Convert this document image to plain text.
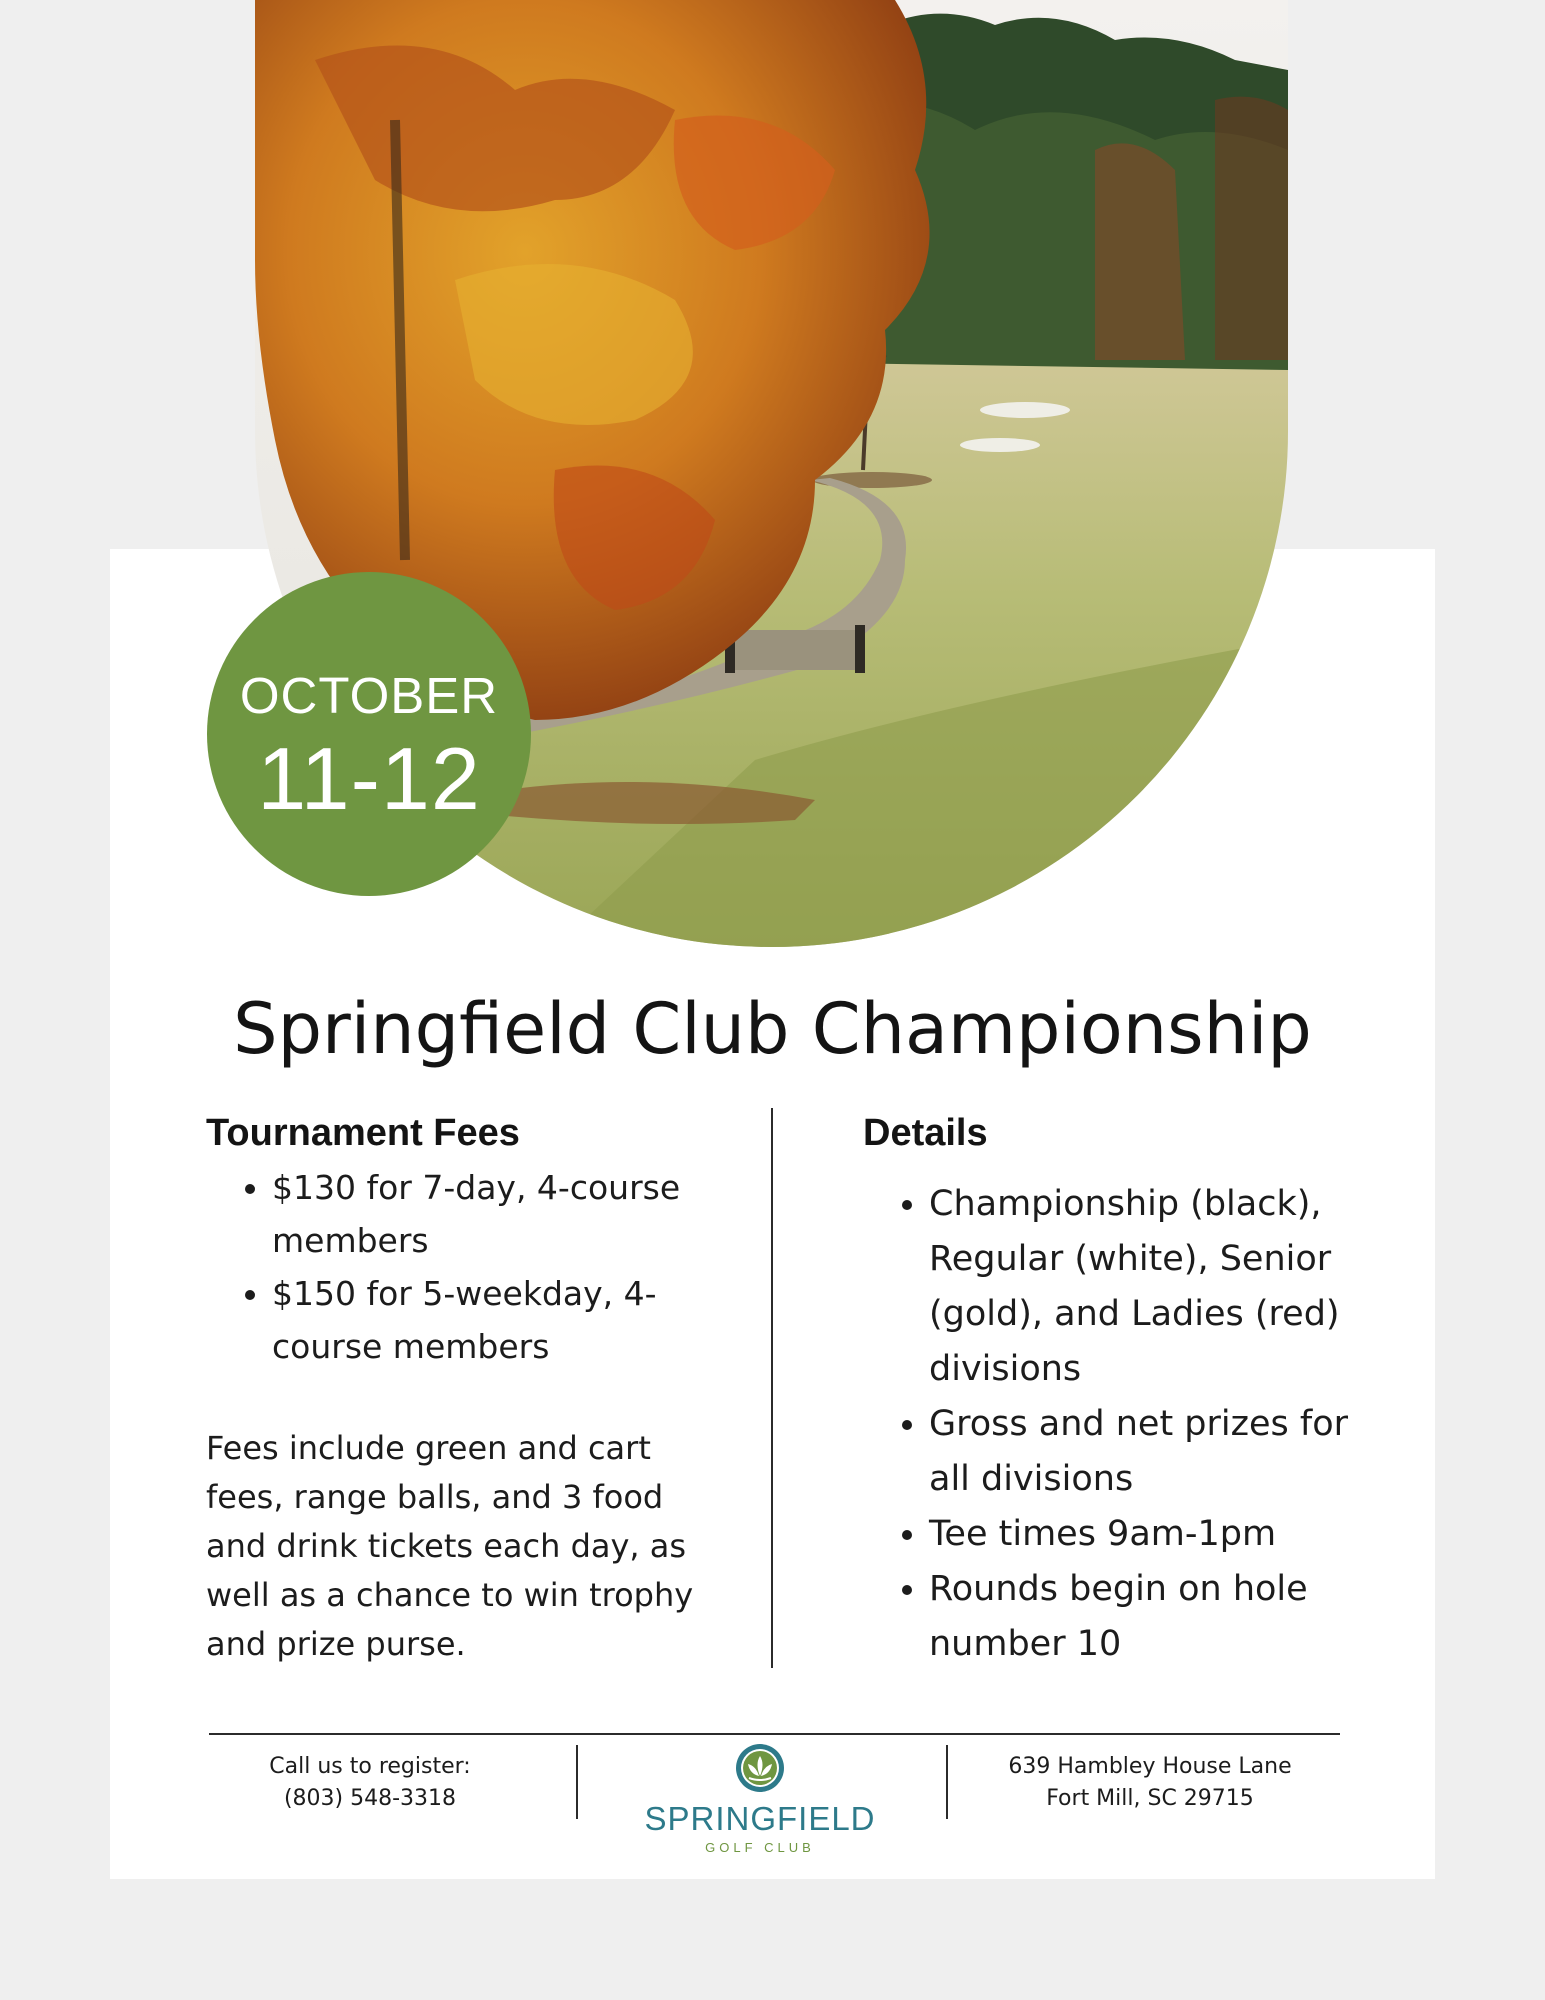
OCTOBER
11-12
Springfield Club Championship
Tournament Fees
• $130 for 7-day, 4-course members
• $150 for 5-weekday, 4-course members
Fees include green and cart fees, range balls, and 3 food and drink tickets each day, as well as a chance to win trophy and prize purse.
Details
• Championship (black), Regular (white), Senior (gold), and Ladies (red) divisions
• Gross and net prizes for all divisions
• Tee times 9am-1pm
• Rounds begin on hole number 10
Call us to register:
(803) 548-3318
SPRINGFIELD
GOLF CLUB
639 Hambley House Lane
Fort Mill, SC 29715
